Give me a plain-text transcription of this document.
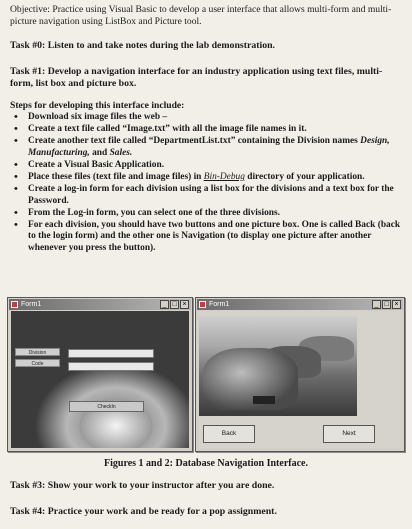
Objective: Practice using Visual Basic to develop a user interface that allows multi-form and multi-picture navigation using ListBox and Picture tool.
Task #0: Listen to and take notes during the lab demonstration.
Task #1: Develop a navigation interface for an industry application using text files, multi-form, list box and picture box.
Steps for developing this interface include:
• Download six image files the web –
• Create a text file called “Image.txt” with all the image file names in it.
• Create another text file called “DepartmentList.txt” containing the Division names Design, Manufacturing, and Sales.
• Create a Visual Basic Application.
• Place these files (text file and image files) in Bin-Debug directory of your application.
• Create a log-in form for each division using a list box for the divisions and a text box for the Password.
• From the Log-in form, you can select one of the three divisions.
• For each division, you should have two buttons and one picture box. One is called Back (back to the login form) and the other one is Navigation (to display one picture after another whenever you press the button).
Form1	_ □ ×
Division
Code
CheckIn
Form1	_ □ ×
Back	Next
Figures 1 and 2: Database Navigation Interface.
Task #3: Show your work to your instructor after you are done.
Task #4: Practice your work and be ready for a pop assignment.
